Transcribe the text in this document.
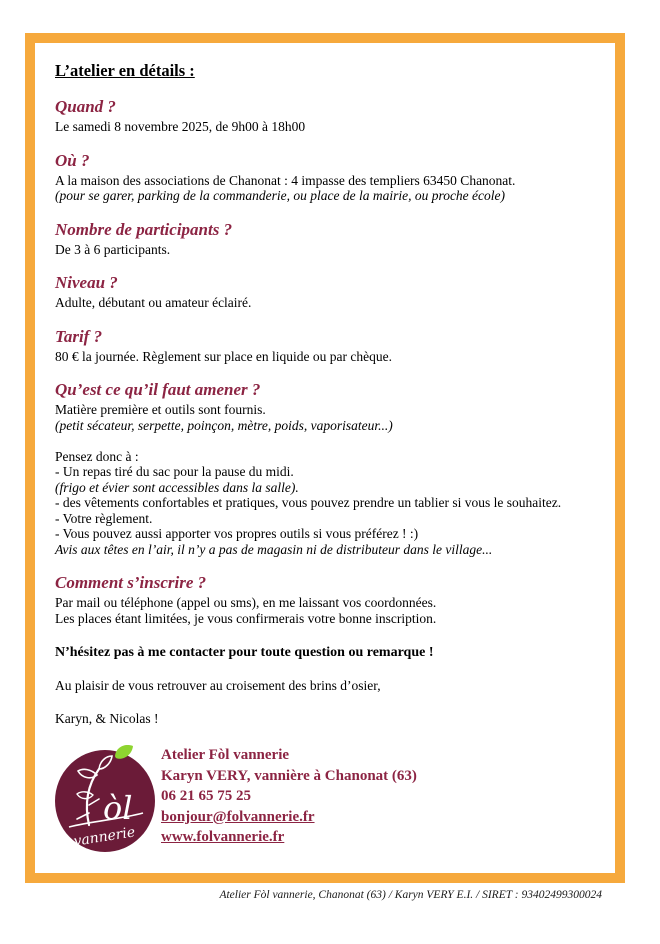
L’atelier en détails :
Quand ?

Le samedi 8 novembre 2025, de 9h00 à 18h00

Où ?

A la maison des associations de Chanonat : 4 impasse des templiers 63450 Chanonat.

(pour se garer, parking de la commanderie, ou place de la mairie, ou proche école)

Nombre de participants ?

De 3 à 6 participants.

Niveau ?

Adulte, débutant ou amateur éclairé.

Tarif ?

80 € la journée. Règlement sur place en liquide ou par chèque.

Qu’est ce qu’il faut amener ?

Matière première et outils sont fournis.

(petit sécateur, serpette, poinçon, mètre, poids, vaporisateur...)

Pensez donc à :

- Un repas tiré du sac pour la pause du midi.

(frigo et évier sont accessibles dans la salle).

- des vêtements confortables et pratiques, vous pouvez prendre un tablier si vous le souhaitez.

- Votre règlement.

- Vous pouvez aussi apporter vos propres outils si vous préférez ! :)

Avis aux têtes en l’air, il n’y a pas de magasin ni de distributeur dans le village...

Comment s’inscrire ?

Par mail ou téléphone (appel ou sms), en me laissant vos coordonnées.

Les places étant limitées, je vous confirmerais votre bonne inscription.

N’hésitez pas à me contacter pour toute question ou remarque !

Au plaisir de vous retrouver au croisement des brins d’osier,

Karyn, & Nicolas !

òl
vannerie

Atelier Fòl vannerie

Karyn VERY, vannière à Chanonat (63)

06 21 65 75 25

bonjour@folvannerie.fr

www.folvannerie.fr

Atelier Fòl vannerie, Chanonat (63) / Karyn VERY E.I. / SIRET : 93402499300024
